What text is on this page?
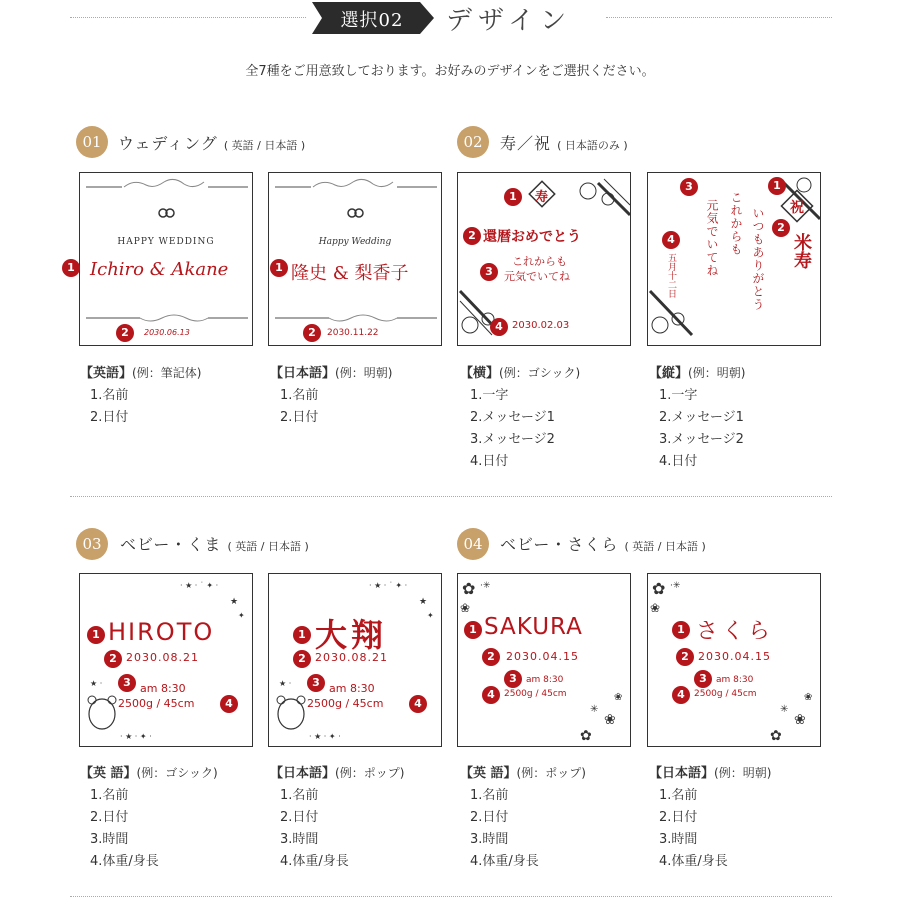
選択02	デザイン
全7種をご用意致しております。お好みのデザインをご選択ください。
01	ウェディング ( 英語 / 日本語 )	02	寿／祝 ( 日本語のみ )
HAPPY WEDDING
Ichiro & Akane
2030.06.13
2
1
Happy Wedding
隆史 & 梨香子
2030.11.22
2
1
寿
1
2 還暦おめでとう
3
これからも
元気でいてね
4 2030.02.03
祝
1
2
米寿
いつもありがとう
これからも
元気でいてね
3
4
五月十二日
【英語】(例：筆記体)
1.名前
2.日付
【日本語】(例：明朝)
1.名前
2.日付
【横】(例：ゴシック)
1.一字
2.メッセージ1
3.メッセージ2
4.日付
【縦】(例：明朝)
1.一字
2.メッセージ1
3.メッセージ2
4.日付
03	ベビー・くま ( 英語 / 日本語 )	04	ベビー・さくら ( 英語 / 日本語 )
· ★ · ˙ ✦ ·
★
✦
★ ·
· ★ · ✦ ·
1 HIROTO
2 2030.08.21
3 am 8:30
2500g / 45cm	4
· ★ · ˙ ✦ ·
★
✦
★ ·
· ★ · ✦ ·
1 大翔
2 2030.08.21
3 am 8:30
2500g / 45cm	4
✿ ·✳
❀
❀
✳
✿
❀
1 SAKURA
2	2030.04.15
3	am 8:30
4	2500g / 45cm
✿ ·✳
❀
❀
✳
✿
❀
1 さくら
2 2030.04.15
3	am 8:30
4	2500g / 45cm
【英 語】(例：ゴシック)
1.名前
2.日付
3.時間
4.体重/身長
【日本語】(例：ポップ)
1.名前
2.日付
3.時間
4.体重/身長
【英 語】(例：ポップ)
1.名前
2.日付
3.時間
4.体重/身長
【日本語】(例：明朝)
1.名前
2.日付
3.時間
4.体重/身長
